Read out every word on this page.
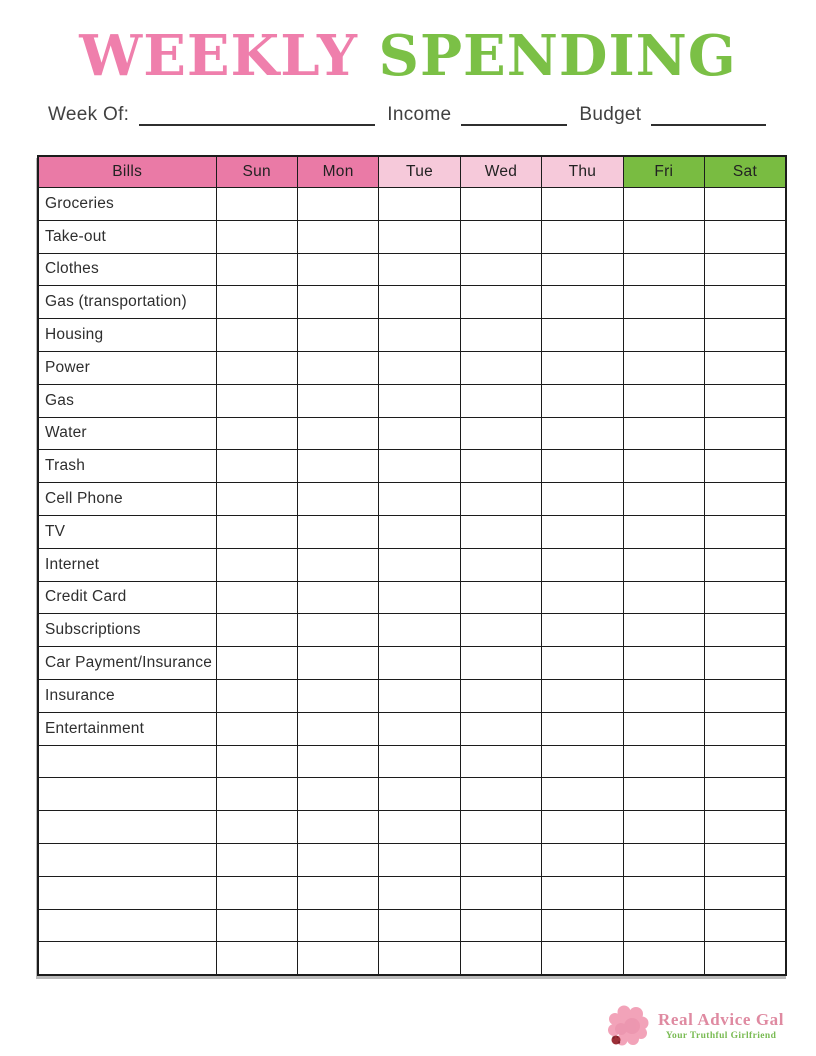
WEEKLY SPENDING
Week Of:	Income	Budget
Bills	Sun	Mon	Tue	Wed	Thu	Fri	Sat
Groceries							
Take-out							
Clothes							
Gas (transportation)							
Housing							
Power							
Gas							
Water							
Trash							
Cell Phone							
TV							
Internet							
Credit Card							
Subscriptions							
Car Payment/Insurance							
Insurance							
Entertainment							

Real Advice Gal
Your Truthful Girlfriend
